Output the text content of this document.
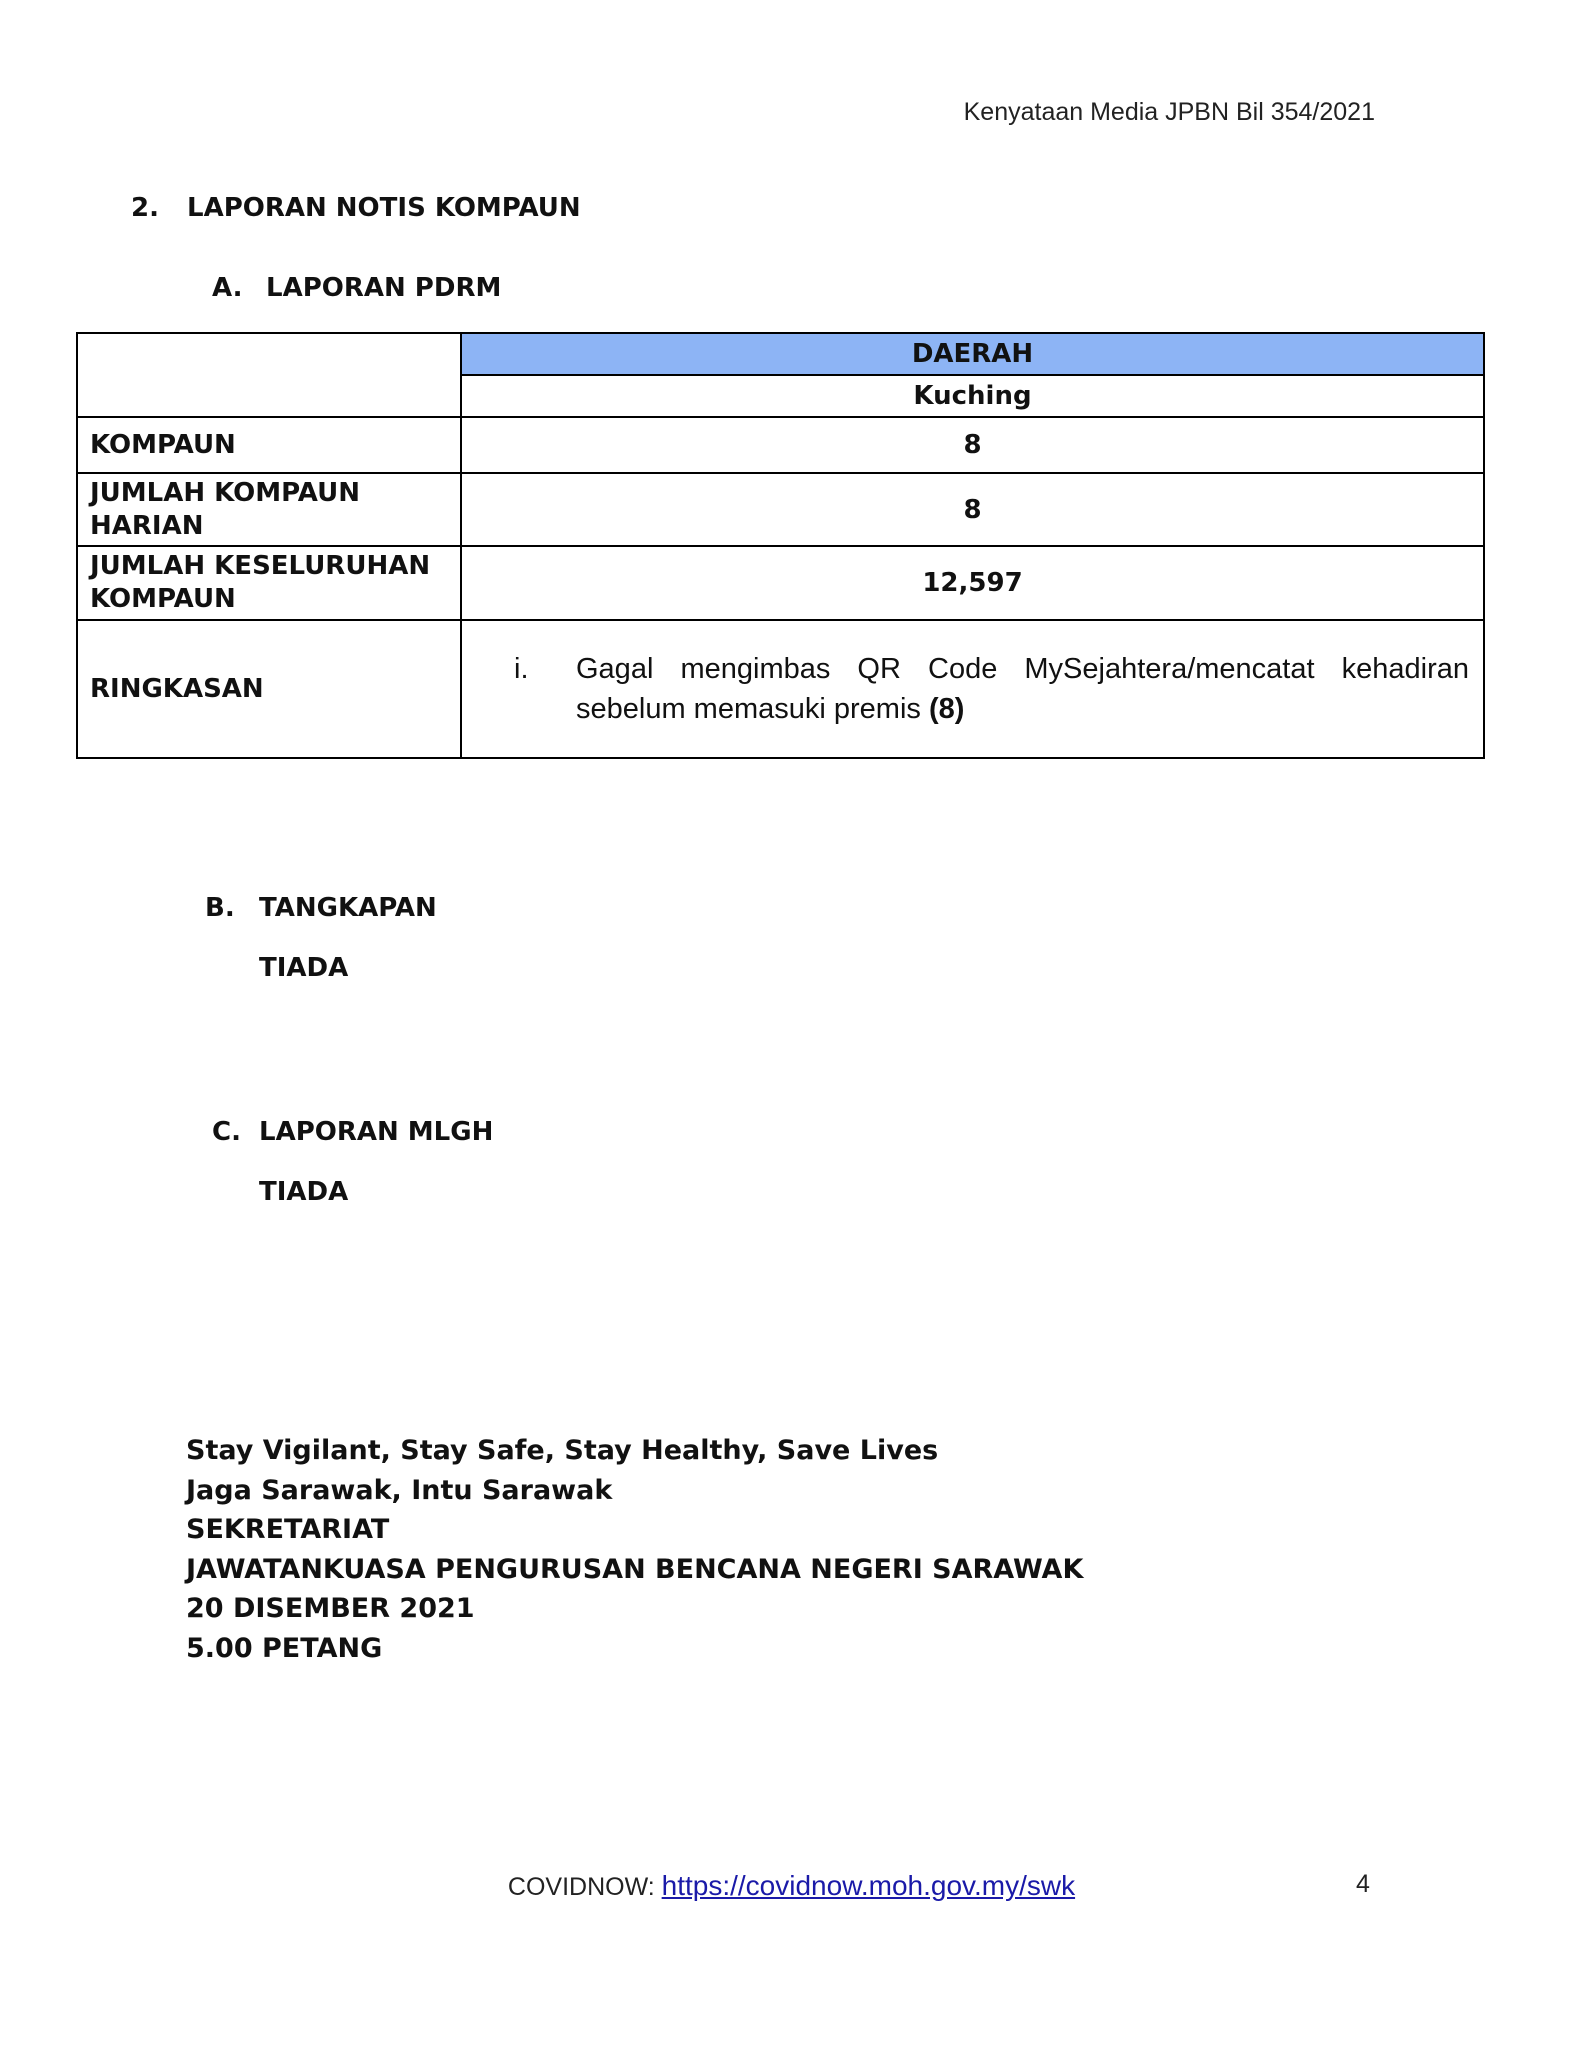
Kenyataan Media JPBN Bil 354/2021
2. LAPORAN NOTIS KOMPAUN
A. LAPORAN PDRM
	DAERAH
	Kuching
KOMPAUN	8
JUMLAH KOMPAUN HARIAN	8
JUMLAH KESELURUHAN KOMPAUN	12,597
RINGKASAN	i. Gagal mengimbas QR Code MySejahtera/mencatat kehadiran sebelum memasuki premis (8)
B. TANGKAPAN
TIADA
C. LAPORAN MLGH
TIADA
Stay Vigilant, Stay Safe, Stay Healthy, Save Lives
Jaga Sarawak, Intu Sarawak
SEKRETARIAT
JAWATANKUASA PENGURUSAN BENCANA NEGERI SARAWAK
20 DISEMBER 2021
5.00 PETANG
COVIDNOW: https://covidnow.moh.gov.my/swk	4
